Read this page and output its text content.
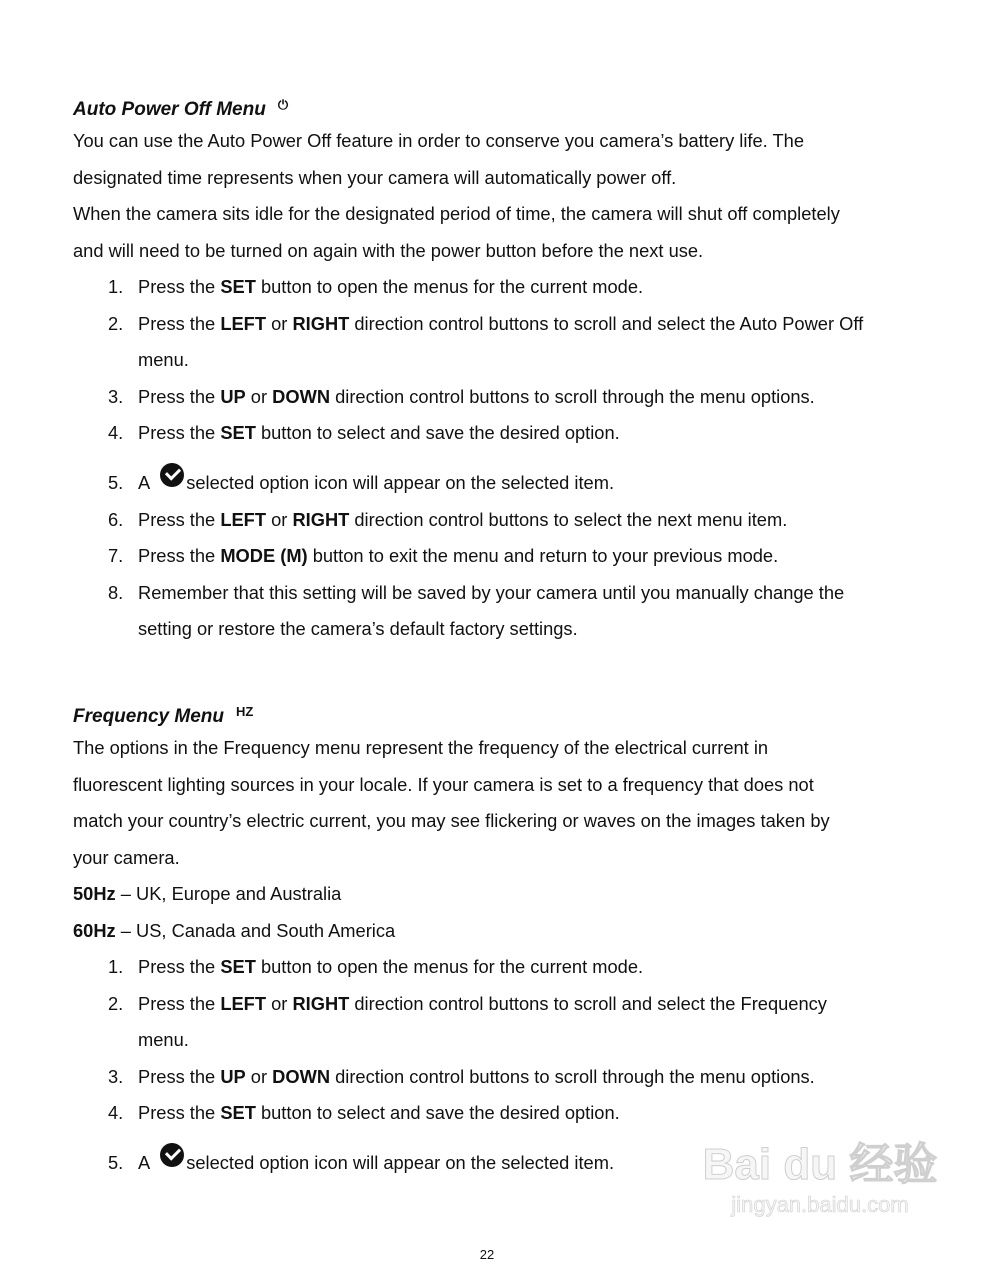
Auto Power Off Menu ⏻
You can use the Auto Power Off feature in order to conserve you camera’s battery life. The
designated time represents when your camera will automatically power off.
When the camera sits idle for the designated period of time, the camera will shut off completely
and will need to be turned on again with the power button before the next use.
1. Press the SET button to open the menus for the current mode.
2. Press the LEFT or RIGHT direction control buttons to scroll and select the Auto Power Off
menu.
3. Press the UP or DOWN direction control buttons to scroll through the menu options.
4. Press the SET button to select and save the desired option.
5. A selected option icon will appear on the selected item.
6. Press the LEFT or RIGHT direction control buttons to select the next menu item.
7. Press the MODE (M) button to exit the menu and return to your previous mode.
8. Remember that this setting will be saved by your camera until you manually change the
setting or restore the camera’s default factory settings.
Frequency Menu $^{HZ}$
The options in the Frequency menu represent the frequency of the electrical current in
fluorescent lighting sources in your locale. If your camera is set to a frequency that does not
match your country’s electric current, you may see flickering or waves on the images taken by
your camera.
50Hz – UK, Europe and Australia
60Hz – US, Canada and South America
1. Press the SET button to open the menus for the current mode.
2. Press the LEFT or RIGHT direction control buttons to scroll and select the Frequency
menu.
3. Press the UP or DOWN direction control buttons to scroll through the menu options.
4. Press the SET button to select and save the desired option.
5. A selected option icon will appear on the selected item.	Bai du 经验
jingyan.baidu.com
22
